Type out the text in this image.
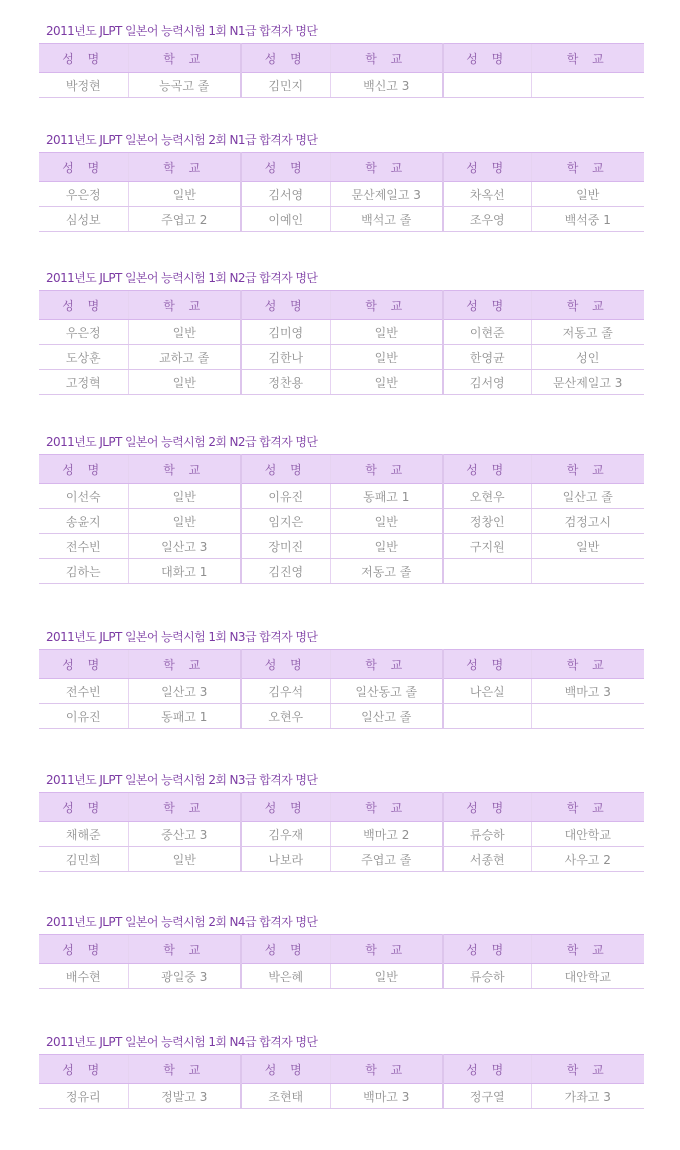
2011년도 JLPT 일본어 능력시험 1회 N1급 합격자 명단
성 명	학 교	성 명	학 교	성 명	학 교
박정현	능곡고 졸	김민지	백신고 3		
2011년도 JLPT 일본어 능력시험 2회 N1급 합격자 명단
성 명	학 교	성 명	학 교	성 명	학 교
우은정	일반	김서영	문산제일고 3	차옥선	일반
심성보	주엽고 2	이예인	백석고 졸	조우영	백석중 1
2011년도 JLPT 일본어 능력시험 1회 N2급 합격자 명단
성 명	학 교	성 명	학 교	성 명	학 교
우은정	일반	김미영	일반	이현준	저동고 졸
도상훈	교하고 졸	김한나	일반	한영균	성인
고정혁	일반	정찬용	일반	김서영	문산제일고 3
2011년도 JLPT 일본어 능력시험 2회 N2급 합격자 명단
성 명	학 교	성 명	학 교	성 명	학 교
이선숙	일반	이유진	동패고 1	오현우	일산고 졸
송윤지	일반	임지은	일반	정창인	검정고시
전수빈	일산고 3	장미진	일반	구지원	일반
김하는	대화고 1	김진영	저동고 졸		
2011년도 JLPT 일본어 능력시험 1회 N3급 합격자 명단
성 명	학 교	성 명	학 교	성 명	학 교
전수빈	일산고 3	김우석	일산동고 졸	나은실	백마고 3
이유진	동패고 1	오현우	일산고 졸		
2011년도 JLPT 일본어 능력시험 2회 N3급 합격자 명단
성 명	학 교	성 명	학 교	성 명	학 교
채해준	중산고 3	김우재	백마고 2	류승하	대안학교
김민희	일반	나보라	주엽고 졸	서종현	사우고 2
2011년도 JLPT 일본어 능력시험 2회 N4급 합격자 명단
성 명	학 교	성 명	학 교	성 명	학 교
배수현	광일중 3	박은혜	일반	류승하	대안학교
2011년도 JLPT 일본어 능력시험 1회 N4급 합격자 명단
성 명	학 교	성 명	학 교	성 명	학 교
정유리	정발고 3	조현태	백마고 3	정구열	가좌고 3
